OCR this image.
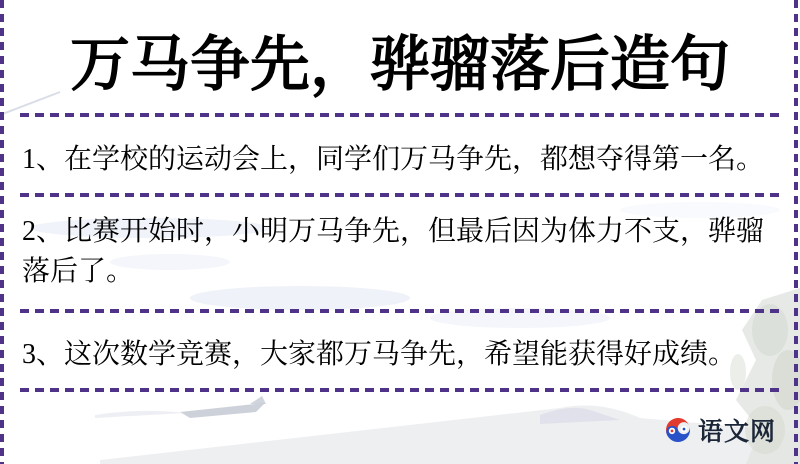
万马争先，骅骝落后造句
1、在学校的运动会上，同学们万马争先，都想夺得第一名。
2、比赛开始时，小明万马争先，但最后因为体力不支，骅骝落后了。
3、这次数学竞赛，大家都万马争先，希望能获得好成绩。
语文网
